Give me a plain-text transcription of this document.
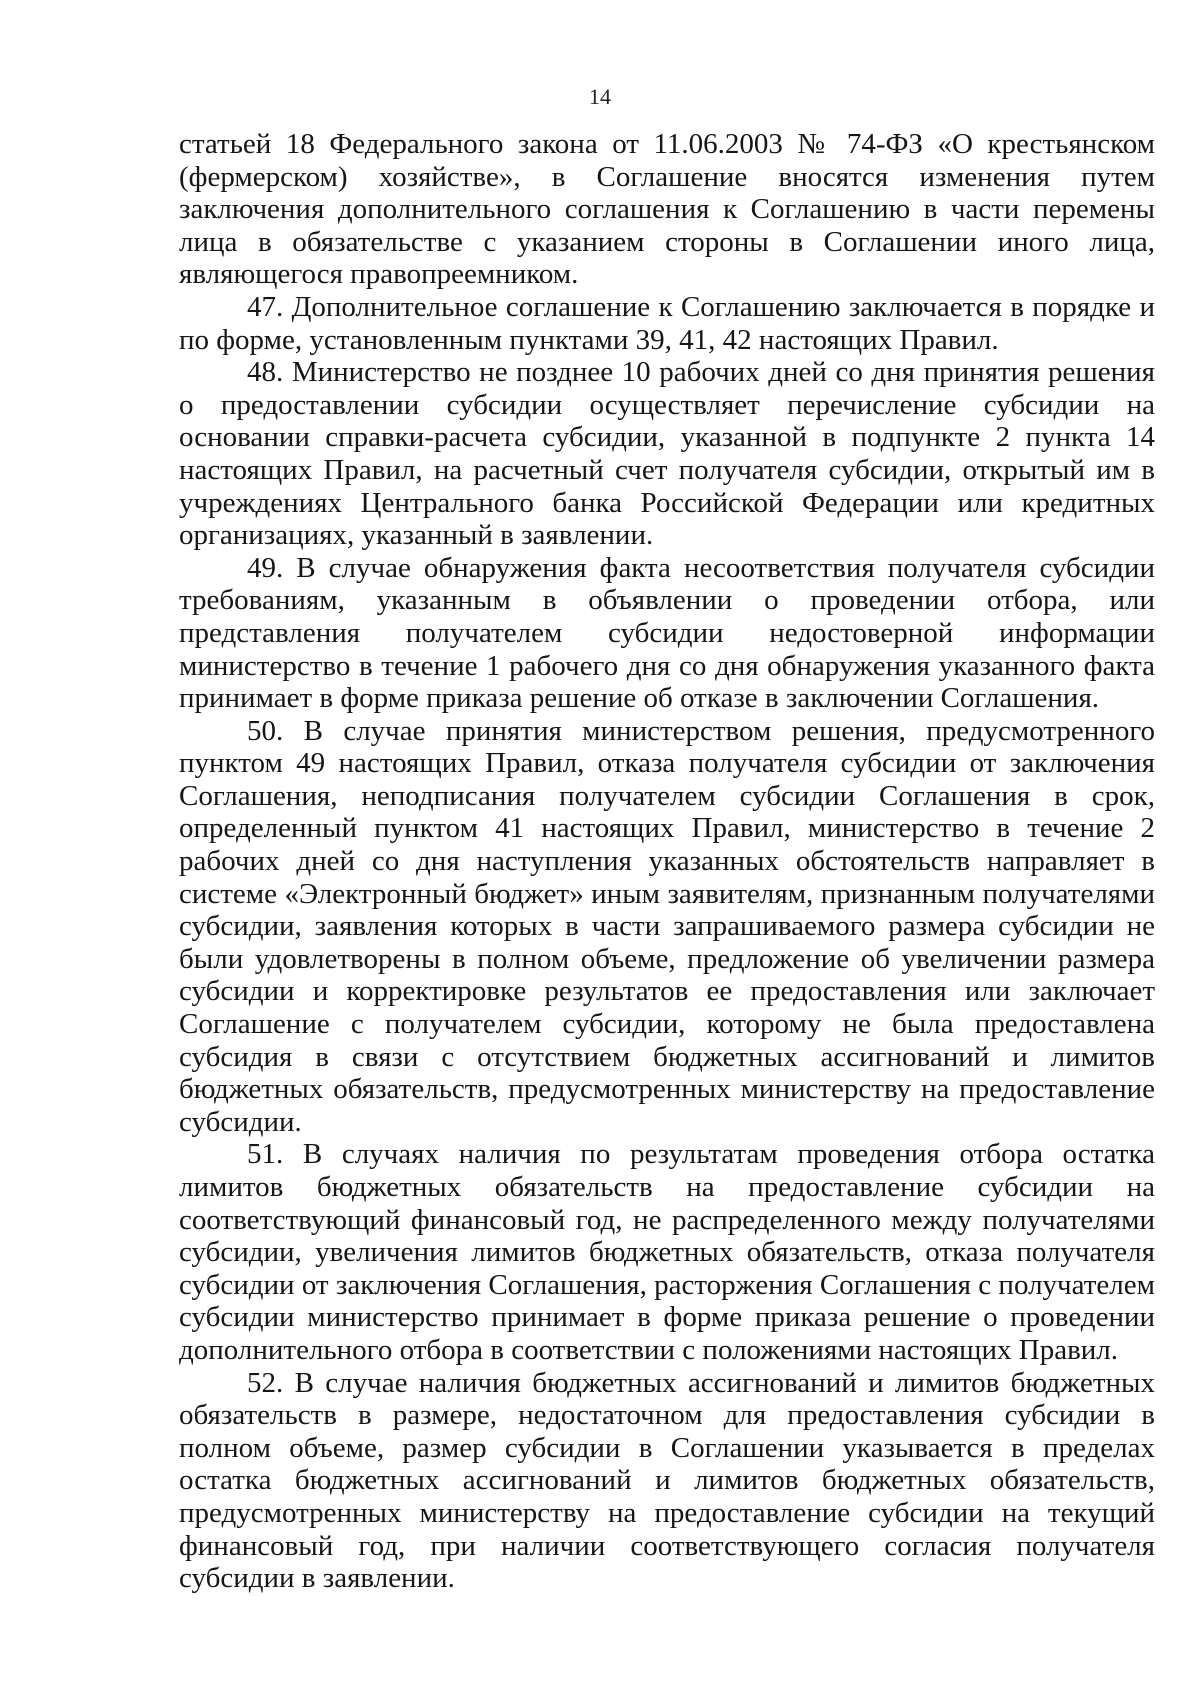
14

статьей 18 Федерального закона от 11.06.2003 № 74-ФЗ «О крестьянском (фермерском) хозяйстве», в Соглашение вносятся изменения путем заключения дополнительного соглашения к Соглашению в части перемены лица в обязательстве с указанием стороны в Соглашении иного лица, являющегося правопреемником.

47. Дополнительное соглашение к Соглашению заключается в порядке и по форме, установленным пунктами 39, 41, 42 настоящих Правил.

48. Министерство не позднее 10 рабочих дней со дня принятия решения о предоставлении субсидии осуществляет перечисление субсидии на основании справки-расчета субсидии, указанной в подпункте 2 пункта 14 настоящих Правил, на расчетный счет получателя субсидии, открытый им в учреждениях Центрального банка Российской Федерации или кредитных организациях, указанный в заявлении.

49. В случае обнаружения факта несоответствия получателя субсидии требованиям, указанным в объявлении о проведении отбора, или представления получателем субсидии недостоверной информации министерство в течение 1 рабочего дня со дня обнаружения указанного факта принимает в форме приказа решение об отказе в заключении Соглашения.

50. В случае принятия министерством решения, предусмотренного пунктом 49 настоящих Правил, отказа получателя субсидии от заключения Соглашения, неподписания получателем субсидии Соглашения в срок, определенный пунктом 41 настоящих Правил, министерство в течение 2 рабочих дней со дня наступления указанных обстоятельств направляет в системе «Электронный бюджет» иным заявителям, признанным получателями субсидии, заявления которых в части запрашиваемого размера субсидии не были удовлетворены в полном объеме, предложение об увеличении размера субсидии и корректировке результатов ее предоставления или заключает Соглашение с получателем субсидии, которому не была предоставлена субсидия в связи с отсутствием бюджетных ассигнований и лимитов бюджетных обязательств, предусмотренных министерству на предоставление субсидии.

51. В случаях наличия по результатам проведения отбора остатка лимитов бюджетных обязательств на предоставление субсидии на соответствующий финансовый год, не распределенного между получателями субсидии, увеличения лимитов бюджетных обязательств, отказа получателя субсидии от заключения Соглашения, расторжения Соглашения с получателем субсидии министерство принимает в форме приказа решение о проведении дополнительного отбора в соответствии с положениями настоящих Правил.

52. В случае наличия бюджетных ассигнований и лимитов бюджетных обязательств в размере, недостаточном для предоставления субсидии в полном объеме, размер субсидии в Соглашении указывается в пределах остатка бюджетных ассигнований и лимитов бюджетных обязательств, предусмотренных министерству на предоставление субсидии на текущий финансовый год, при наличии соответствующего согласия получателя субсидии в заявлении.
